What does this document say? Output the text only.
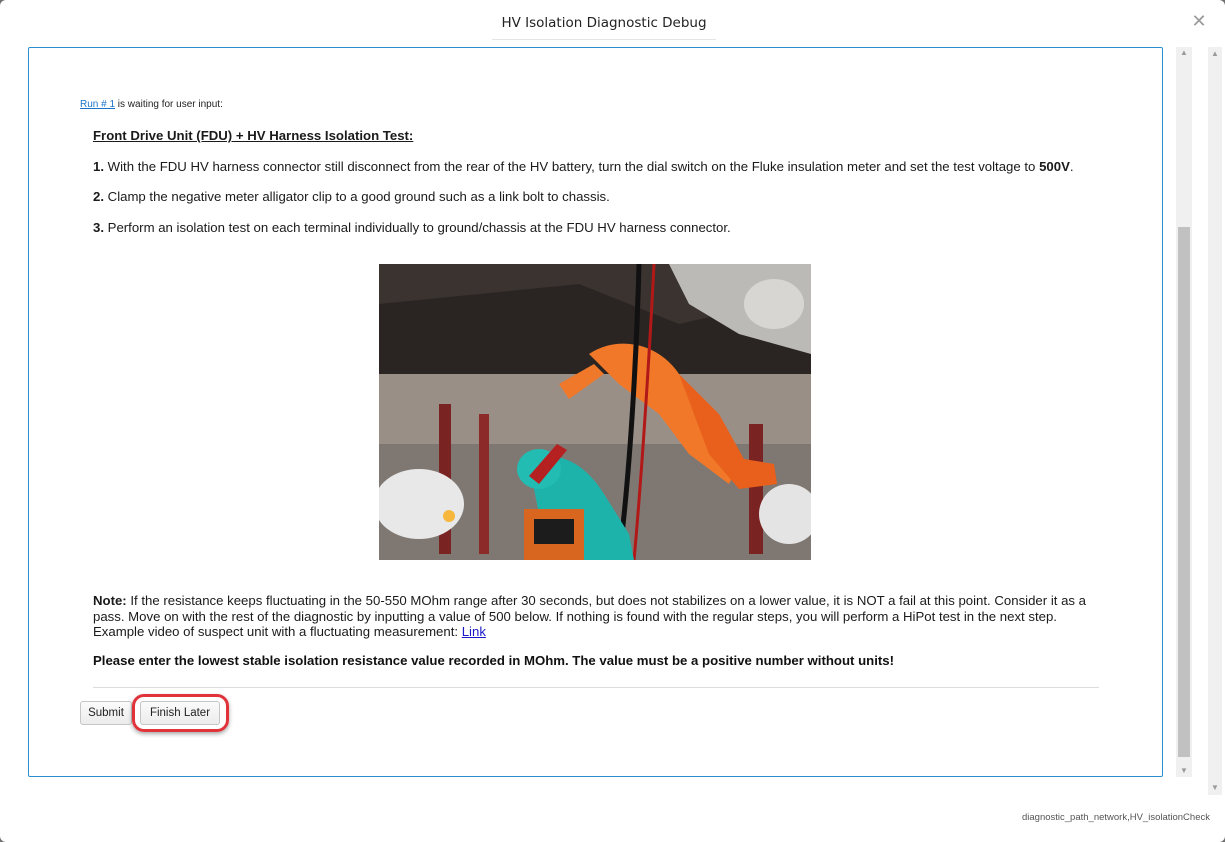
HV Isolation Diagnostic Debug	✕
Run # 1 is waiting for user input:
Front Drive Unit (FDU) + HV Harness Isolation Test:
1. With the FDU HV harness connector still disconnect from the rear of the HV battery, turn the dial switch on the Fluke insulation meter and set the test voltage to 500V.
2. Clamp the negative meter alligator clip to a good ground such as a link bolt to chassis.
3. Perform an isolation test on each terminal individually to ground/chassis at the FDU HV harness connector.
Note: If the resistance keeps fluctuating in the 50-550 MOhm range after 30 seconds, but does not stabilizes on a lower value, it is NOT a fail at this point. Consider it as a pass. Move on with the rest of the diagnostic by inputting a value of 500 below. If nothing is found with the regular steps, you will perform a HiPot test in the next step. Example video of suspect unit with a fluctuating measurement: Link
Please enter the lowest stable isolation resistance value recorded in MOhm. The value must be a positive number without units!
Submit	Finish Later
▲
▼
▲
▼
diagnostic_path_network,HV_isolationCheck
